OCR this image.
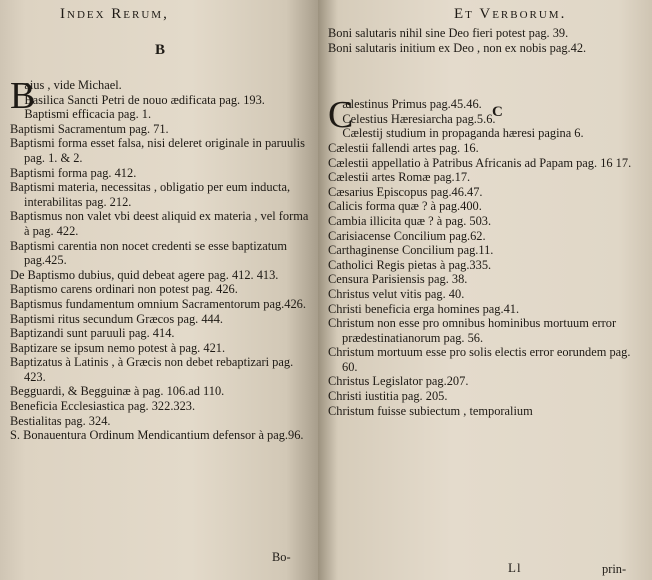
Index Rerum,
B
B
aius , vide Michael.
Basilica Sancti Petri de nouo ædificata pag. 193.
Baptismi efficacia pag. 1.
Baptismi Sacramentum pag. 71.
Baptismi forma esset falsa, nisi deleret originale in paruulis pag. 1. & 2.
Baptismi forma pag. 412.
Baptismi materia, necessitas , obligatio per eum inducta, interabilitas pag. 212.
Baptismus non valet vbi deest aliquid ex materia , vel forma à pag. 422.
Baptismi carentia non nocet credenti se esse baptizatum pag.425.
De Baptismo dubius, quid debeat agere pag. 412. 413.
Baptismo carens ordinari non potest pag. 426.
Baptismus fundamentum omnium Sacramentorum pag.426.
Baptismi ritus secundum Græcos pag. 444.
Baptizandi sunt paruuli pag. 414.
Baptizare se ipsum nemo potest à pag. 421.
Baptizatus à Latinis , à Græcis non debet rebaptizari pag. 423.
Begguardi, & Begguinæ à pag. 106.ad 110.
Beneficia Ecclesiastica pag. 322.323.
Bestialitas pag. 324.
S. Bonauentura Ordinum Mendicantium defensor à pag.96.
Bo-
Et Verborum.
Boni salutaris nihil sine Deo fieri potest pag. 39.
Boni salutaris initium ex Deo , non ex nobis pag.42.
C
ælestinus Primus pag.45.46.
Celestius Hæresiarcha pag.5.6.
Cælestij studium in propaganda hæresi pagina 6.
Cælestii fallendi artes pag. 16.
Cælestii appellatio à Patribus Africanis ad Papam pag. 16 17.
Cælestii artes Romæ pag.17.
Cæsarius Episcopus pag.46.47.
Calicis forma quæ ? à pag.400.
Cambia illicita quæ ? à pag. 503.
Carisiacense Concilium pag.62.
Carthaginense Concilium pag.11.
Catholici Regis pietas à pag.335.
Censura Parisiensis pag. 38.
Christus velut vitis pag. 40.
Christi beneficia erga homines pag.41.
Christum non esse pro omnibus hominibus mortuum error prædestinatianorum pag. 56.
Christum mortuum esse pro solis electis error eorundem pag. 60.
Christus Legislator pag.207.
Christi iustitia pag. 205.
Christum fuisse subiectum , temporalium
C
Ll	prin-
